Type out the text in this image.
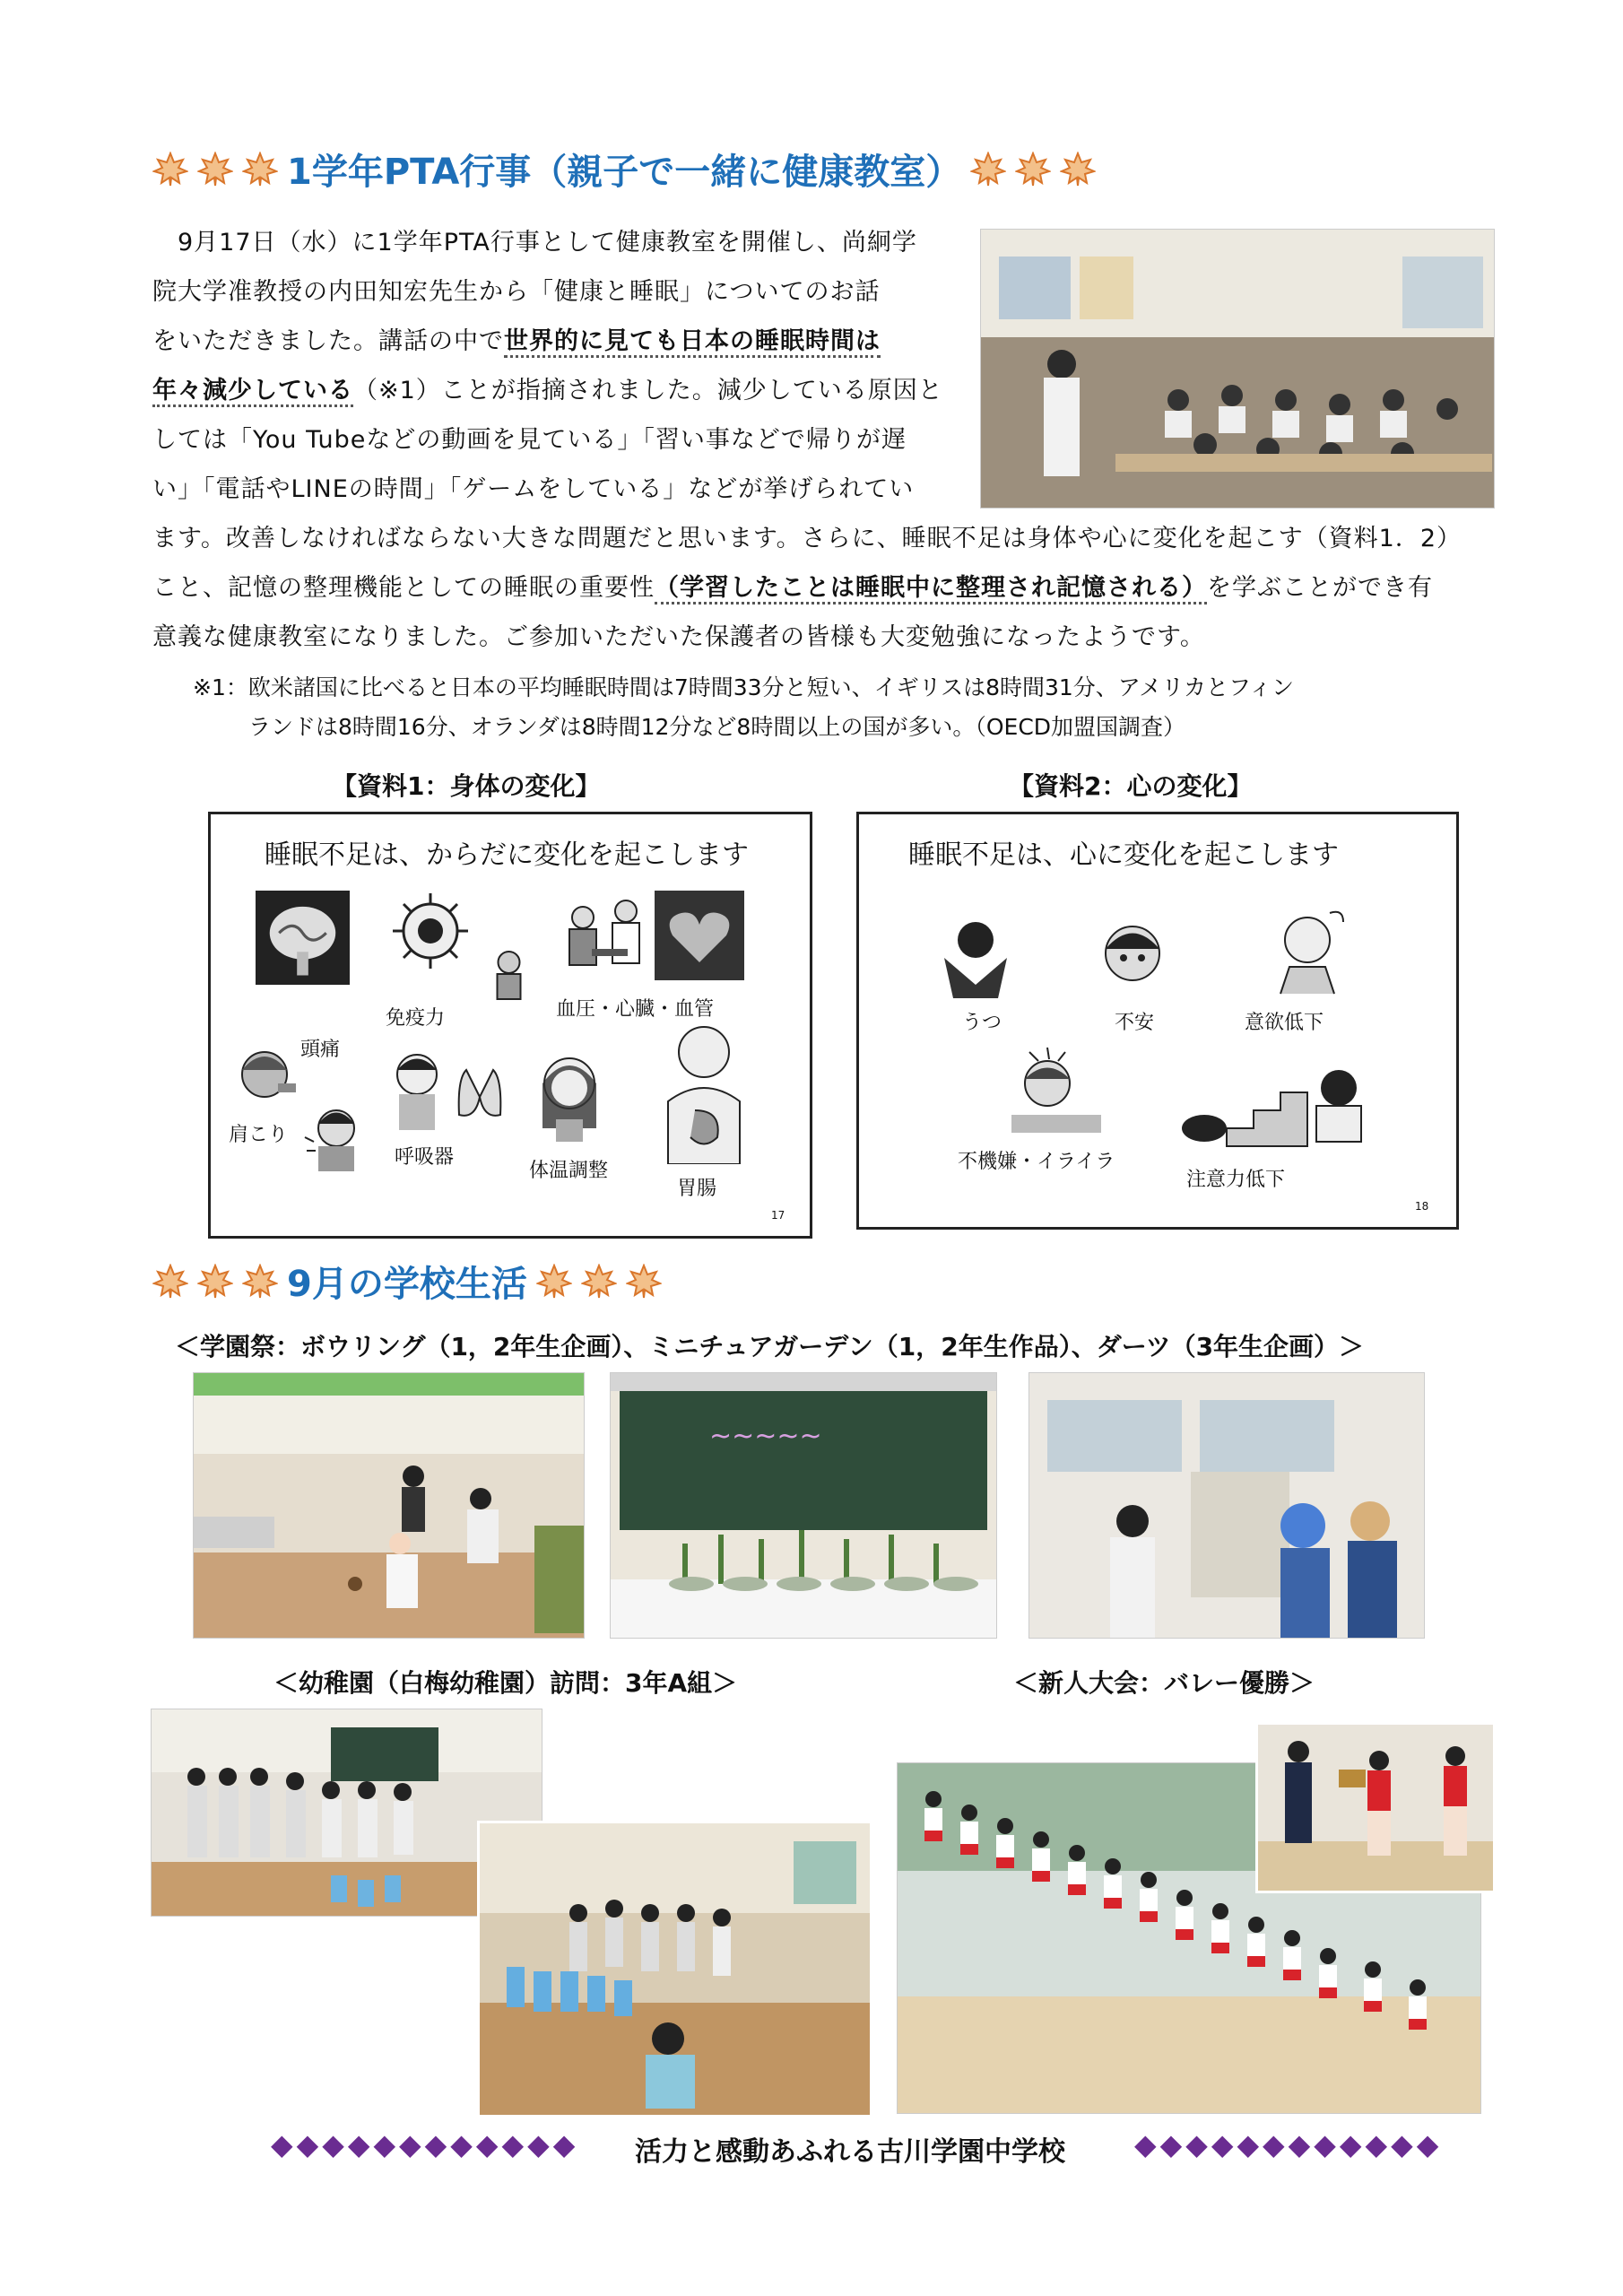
1学年PTA行事（親子で一緒に健康教室）
9月17日（水）に1学年PTA行事として健康教室を開催し、尚絅学
院大学准教授の内田知宏先生から「健康と睡眠」についてのお話
をいただきました。講話の中で世界的に見ても日本の睡眠時間は
年々減少している（※1）ことが指摘されました。減少している原因と
しては「You Tubeなどの動画を見ている」「習い事などで帰りが遅
い」「電話やLINEの時間」「ゲームをしている」などが挙げられてい
ます。改善しなければならない大きな問題だと思います。さらに、睡眠不足は身体や心に変化を起こす（資料1．2）
こと、記憶の整理機能としての睡眠の重要性（学習したことは睡眠中に整理され記憶される）を学ぶことができ有
意義な健康教室になりました。ご参加いただいた保護者の皆様も大変勉強になったようです。
※1：欧米諸国に比べると日本の平均睡眠時間は7時間33分と短い、イギリスは8時間31分、アメリカとフィン
ランドは8時間16分、オランダは8時間12分など8時間以上の国が多い。（OECD加盟国調査）
【資料1：身体の変化】	【資料2：心の変化】
睡眠不足は、からだに変化を起こします
免疫力	血圧・心臓・血管
頭痛
肩こり
呼吸器
体温調整
胃腸
17
睡眠不足は、心に変化を起こします
うつ	不安	意欲低下
不機嫌・イライラ
注意力低下
18
9月の学校生活
＜学園祭：ボウリング（1，2年生企画）、ミニチュアガーデン（1，2年生作品）、ダーツ（3年生企画）＞
~~~~~
＜幼稚園（白梅幼稚園）訪問：3年A組＞	＜新人大会：バレー優勝＞
◆◆◆◆◆◆◆◆◆◆◆◆ 活力と感動あふれる古川学園中学校 ◆◆◆◆◆◆◆◆◆◆◆◆
